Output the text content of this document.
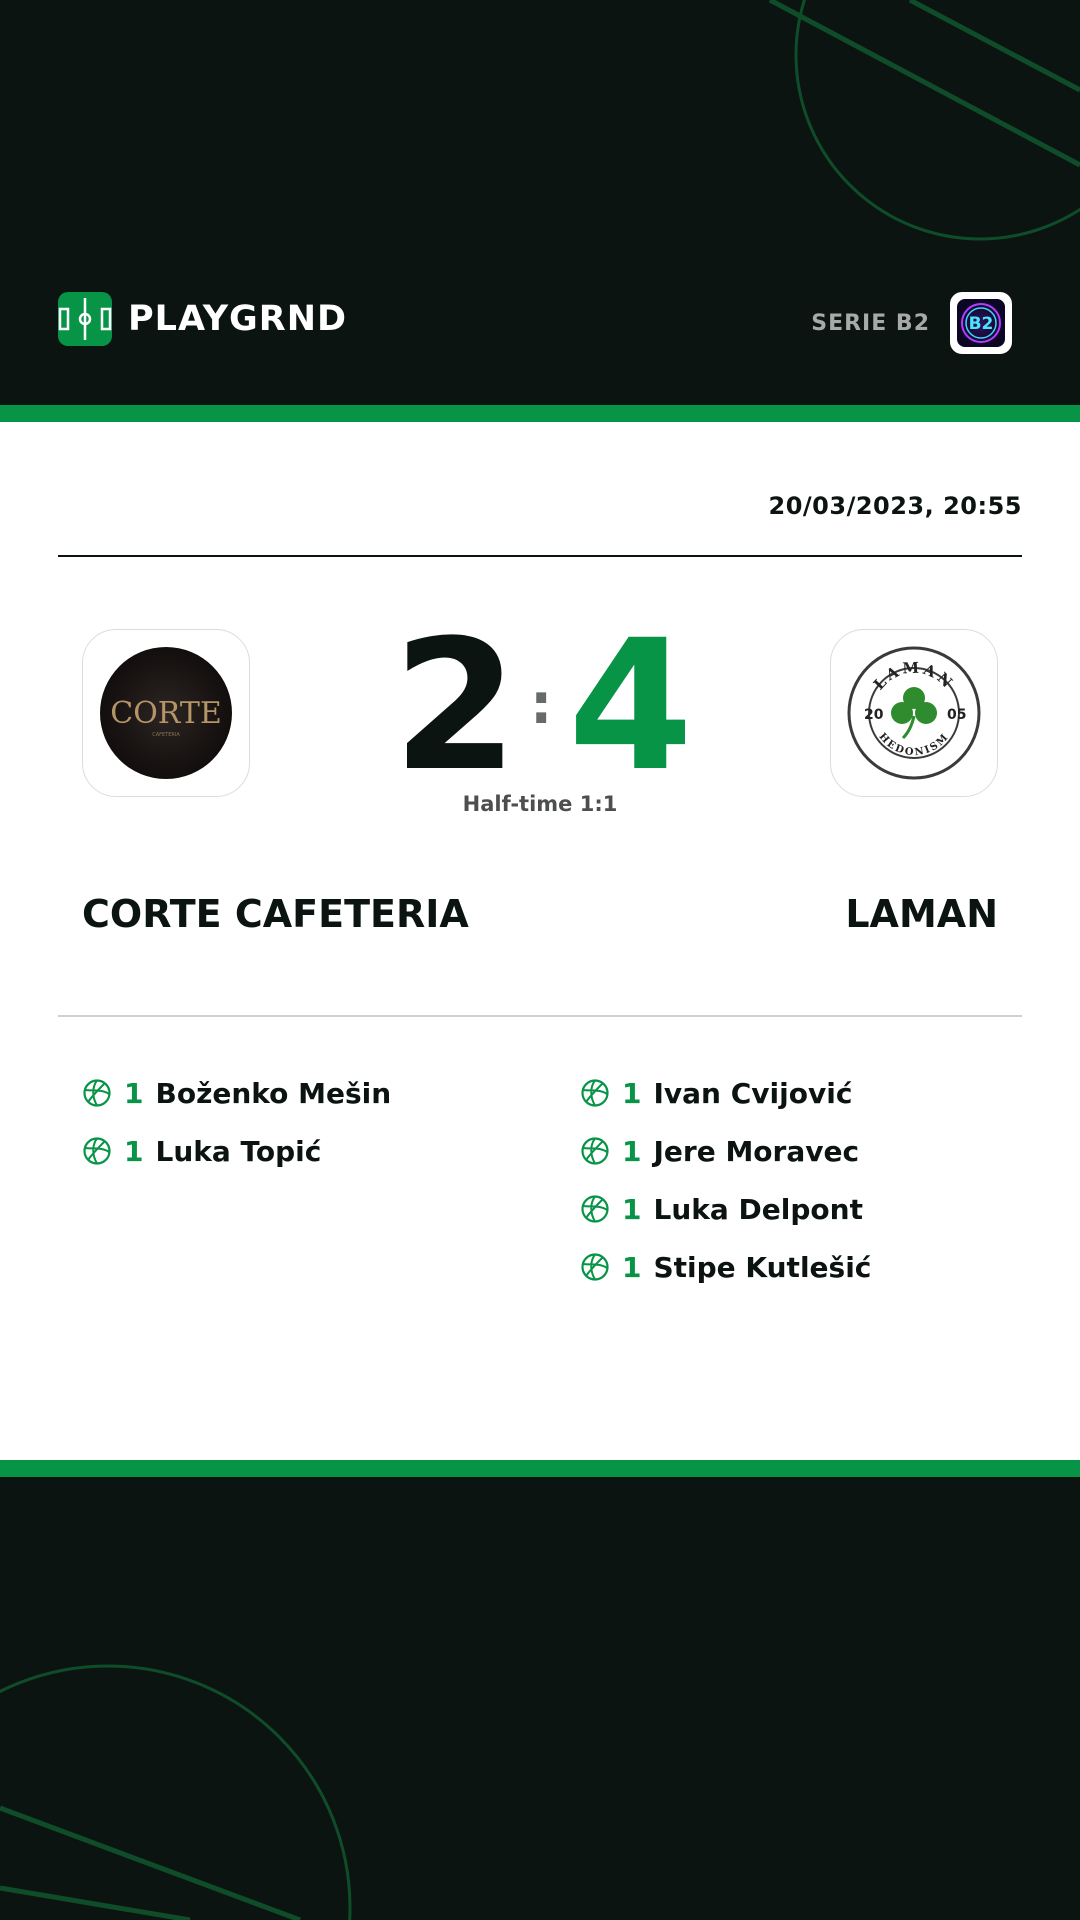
PLAYGRND	SERIE B2 B2
20/03/2023, 20:55
CORTE
CAFETERIA 2 : 4	LAMAN
HEDONISM
20	05
Half-time 1:1
CORTE CAFETERIA	LAMAN
1 Boženko Mešin
1 Luka Topić
1 Ivan Cvijović
1 Jere Moravec
1 Luka Delpont
1 Stipe Kutlešić
